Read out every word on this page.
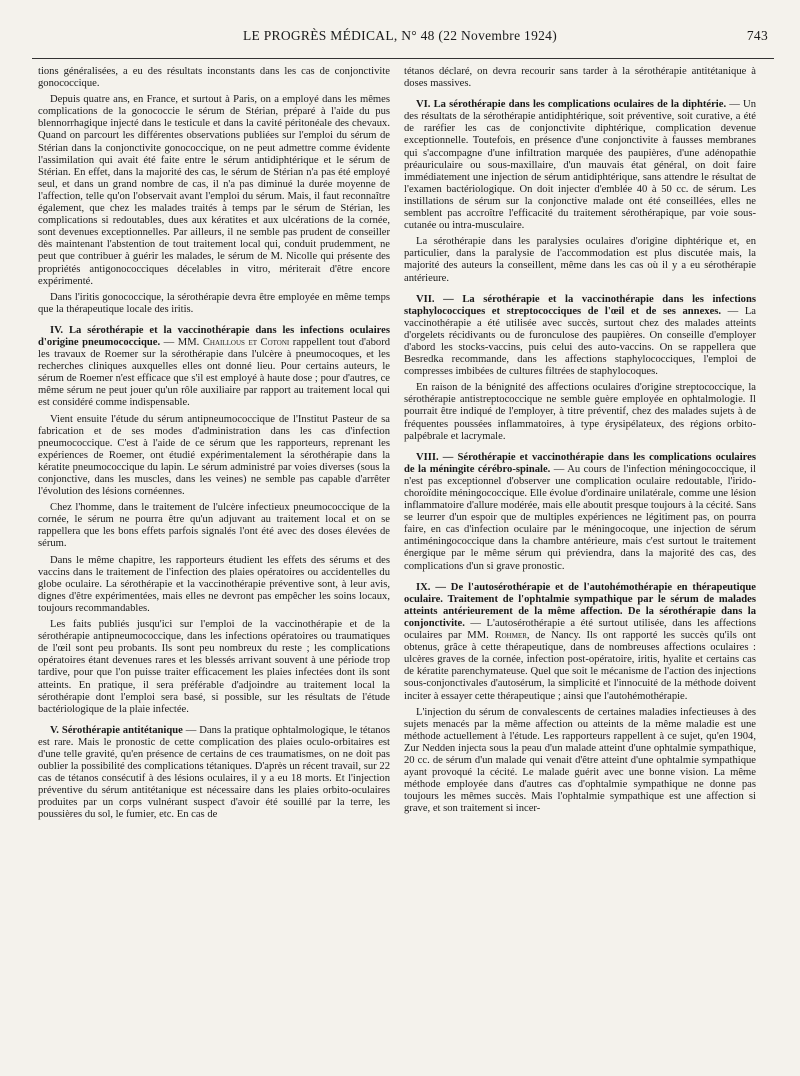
LE PROGRÈS MÉDICAL, N° 48 (22 Novembre 1924)	743

tions généralisées, a eu des résultats inconstants dans les cas de conjonctivite gonococcique.

Depuis quatre ans, en France, et surtout à Paris, on a employé dans les mêmes complications de la gonococcie le sérum de Stérian, préparé à l'aide du pus blennorrhagique injecté dans le testicule et dans la cavité péritonéale des chevaux. Quand on parcourt les différentes observations publiées sur l'emploi du sérum de Stérian dans la conjonctivite gonococcique, on ne peut admettre comme évidente l'assimilation qui avait été faite entre le sérum antidiphtérique et le sérum de Stérian. En effet, dans la majorité des cas, le sérum de Stérian n'a pas été employé seul, et dans un grand nombre de cas, il n'a pas diminué la durée moyenne de l'affection, telle qu'on l'observait avant l'emploi du sérum. Mais, il faut reconnaître également, que chez les malades traités à temps par le sérum de Stérian, les complications si redoutables, dues aux kératites et aux ulcérations de la cornée, sont devenues exceptionnelles. Par ailleurs, il ne semble pas prudent de conseiller dès maintenant l'abstention de tout traitement local qui, conduit prudemment, ne peut que contribuer à guérir les malades, le sérum de M. Nicolle qui présente des propriétés antigonococciques décelables in vitro, mériterait d'être encore expérimenté.

Dans l'iritis gonococcique, la sérothérapie devra être employée en même temps que la thérapeutique locale des iritis.

IV. La sérothérapie et la vaccinothérapie dans les infections oculaires d'origine pneumococcique. — MM. Chaillous et Cotoni rappellent tout d'abord les travaux de Roemer sur la sérothérapie dans l'ulcère à pneumocoques, et les recherches cliniques auxquelles elles ont donné lieu. Pour certains auteurs, le sérum de Roemer n'est efficace que s'il est employé à haute dose ; pour d'autres, ce même sérum ne peut jouer qu'un rôle auxiliaire par rapport au traitement local qui est considéré comme indispensable.

Vient ensuite l'étude du sérum antipneumococcique de l'Institut Pasteur de sa fabrication et de ses modes d'administration dans les cas d'infection pneumococcique. C'est à l'aide de ce sérum que les rapporteurs, reprenant les expériences de Roemer, ont étudié expérimentalement la sérothérapie dans la kératite pneumococcique du lapin. Le sérum administré par voies diverses (sous la conjonctive, dans les muscles, dans les veines) ne semble pas capable d'arrêter l'évolution des lésions cornéennes.

Chez l'homme, dans le traitement de l'ulcère infectieux pneumococcique de la cornée, le sérum ne pourra être qu'un adjuvant au traitement local et on se rappellera que les bons effets parfois signalés l'ont été avec des doses élevées de sérum.

Dans le même chapitre, les rapporteurs étudient les effets des sérums et des vaccins dans le traitement de l'infection des plaies opératoires ou accidentelles du globe oculaire. La sérothérapie et la vaccinothérapie préventive sont, à leur avis, dignes d'être expérimentées, mais elles ne devront pas empêcher les soins locaux, toujours recommandables.

Les faits publiés jusqu'ici sur l'emploi de la vaccinothérapie et de la sérothérapie antipneumococcique, dans les infections opératoires ou traumatiques de l'œil sont peu probants. Ils sont peu nombreux du reste ; les complications opératoires étant devenues rares et les blessés arrivant souvent à une période trop tardive, pour que l'on puisse traiter efficacement les plaies infectées dont ils sont atteints. En pratique, il sera préférable d'adjoindre au traitement local la sérothérapie dont l'emploi sera basé, si possible, sur les résultats de l'étude bactériologique de la plaie infectée.

V. Sérothérapie antitétanique — Dans la pratique ophtalmologique, le tétanos est rare. Mais le pronostic de cette complication des plaies oculo-orbitaires est d'une telle gravité, qu'en présence de certains de ces traumatismes, on ne doit pas oublier la possibilité des complications tétaniques. D'après un récent travail, sur 22 cas de tétanos consécutif à des lésions oculaires, il y a eu 18 morts. Et l'injection préventive du sérum antitétanique est nécessaire dans les plaies orbito-oculaires produites par un corps vulnérant suspect d'avoir été souillé par la terre, les poussières du sol, le fumier, etc. En cas de

tétanos déclaré, on devra recourir sans tarder à la sérothérapie antitétanique à doses massives.

VI. La sérothérapie dans les complications oculaires de la diphtérie. — Un des résultats de la sérothérapie antidiphtérique, soit préventive, soit curative, a été de raréfier les cas de conjonctivite diphtérique, complication devenue exceptionnelle. Toutefois, en présence d'une conjonctivite à fausses membranes qui s'accompagne d'une infiltration marquée des paupières, d'une adénopathie préauriculaire ou sous-maxillaire, d'un mauvais état général, on doit faire immédiatement une injection de sérum antidiphtérique, sans attendre le résultat de l'examen bactériologique. On doit injecter d'emblée 40 à 50 cc. de sérum. Les instillations de sérum sur la conjonctive malade ont été conseillées, elles ne semblent pas accroître l'efficacité du traitement sérothérapique, par voie sous-cutanée ou intra-musculaire.

La sérothérapie dans les paralysies oculaires d'origine diphtérique et, en particulier, dans la paralysie de l'accommodation est plus discutée mais, la majorité des auteurs la conseillent, même dans les cas où il y a eu sérothérapie antérieure.

VII. — La sérothérapie et la vaccinothérapie dans les infections staphylococciques et streptococciques de l'œil et de ses annexes. — La vaccinothérapie a été utilisée avec succès, surtout chez des malades atteints d'orgelets récidivants ou de furonculose des paupières. On conseille d'employer d'abord les stocks-vaccins, puis celui des auto-vaccins. On se rappellera que Besredka recommande, dans les affections staphylococciques, l'emploi de compresses imbibées de cultures filtrées de staphylocoques.

En raison de la bénignité des affections oculaires d'origine streptococcique, la sérothérapie antistreptococcique ne semble guère employée en ophtalmologie. Il pourrait être indiqué de l'employer, à titre préventif, chez des malades sujets à de fréquentes poussées inflammatoires, à type érysipélateux, des régions orbito-palpébrale et lacrymale.

VIII. — Sérothérapie et vaccinothérapie dans les complications oculaires de la méningite cérébro-spinale. — Au cours de l'infection méningococcique, il n'est pas exceptionnel d'observer une complication oculaire redoutable, l'irido-choroïdite méningococcique. Elle évolue d'ordinaire unilatérale, comme une lésion inflammatoire d'allure modérée, mais elle aboutit presque toujours à la cécité. Sans se leurrer d'un espoir que de multiples expériences ne légitiment pas, on pourra faire, en cas d'infection oculaire par le méningocoque, une injection de sérum antiméningococcique dans la chambre antérieure, mais c'est surtout le traitement énergique par le même sérum qui préviendra, dans la majorité des cas, des complications d'un si grave pronostic.

IX. — De l'autosérothérapie et de l'autohémothérapie en thérapeutique oculaire. Traitement de l'ophtalmie sympathique par le sérum de malades atteints antérieurement de la même affection. De la sérothérapie dans la conjonctivite. — L'autosérothérapie a été surtout utilisée, dans les affections oculaires par MM. Rohmer, de Nancy. Ils ont rapporté les succès qu'ils ont obtenus, grâce à cette thérapeutique, dans de nombreuses affections oculaires : ulcères graves de la cornée, infection post-opératoire, iritis, hyalite et certains cas de kératite parenchymateuse. Quel que soit le mécanisme de l'action des injections sous-conjonctivales d'autosérum, la simplicité et l'innocuité de la méthode doivent inciter à essayer cette thérapeutique ; ainsi que l'autohémothérapie.

L'injection du sérum de convalescents de certaines maladies infectieuses à des sujets menacés par la même affection ou atteints de la même maladie est une méthode actuellement à l'étude. Les rapporteurs rappellent à ce sujet, qu'en 1904, Zur Nedden injecta sous la peau d'un malade atteint d'une ophtalmie sympathique, 20 cc. de sérum d'un malade qui venait d'être atteint d'une ophtalmie sympathique ayant provoqué la cécité. Le malade guérit avec une bonne vision. La même méthode employée dans d'autres cas d'ophtalmie sympathique ne donne pas toujours les mêmes succès. Mais l'ophtalmie sympathique est une affection si grave, et son traitement si incer-
